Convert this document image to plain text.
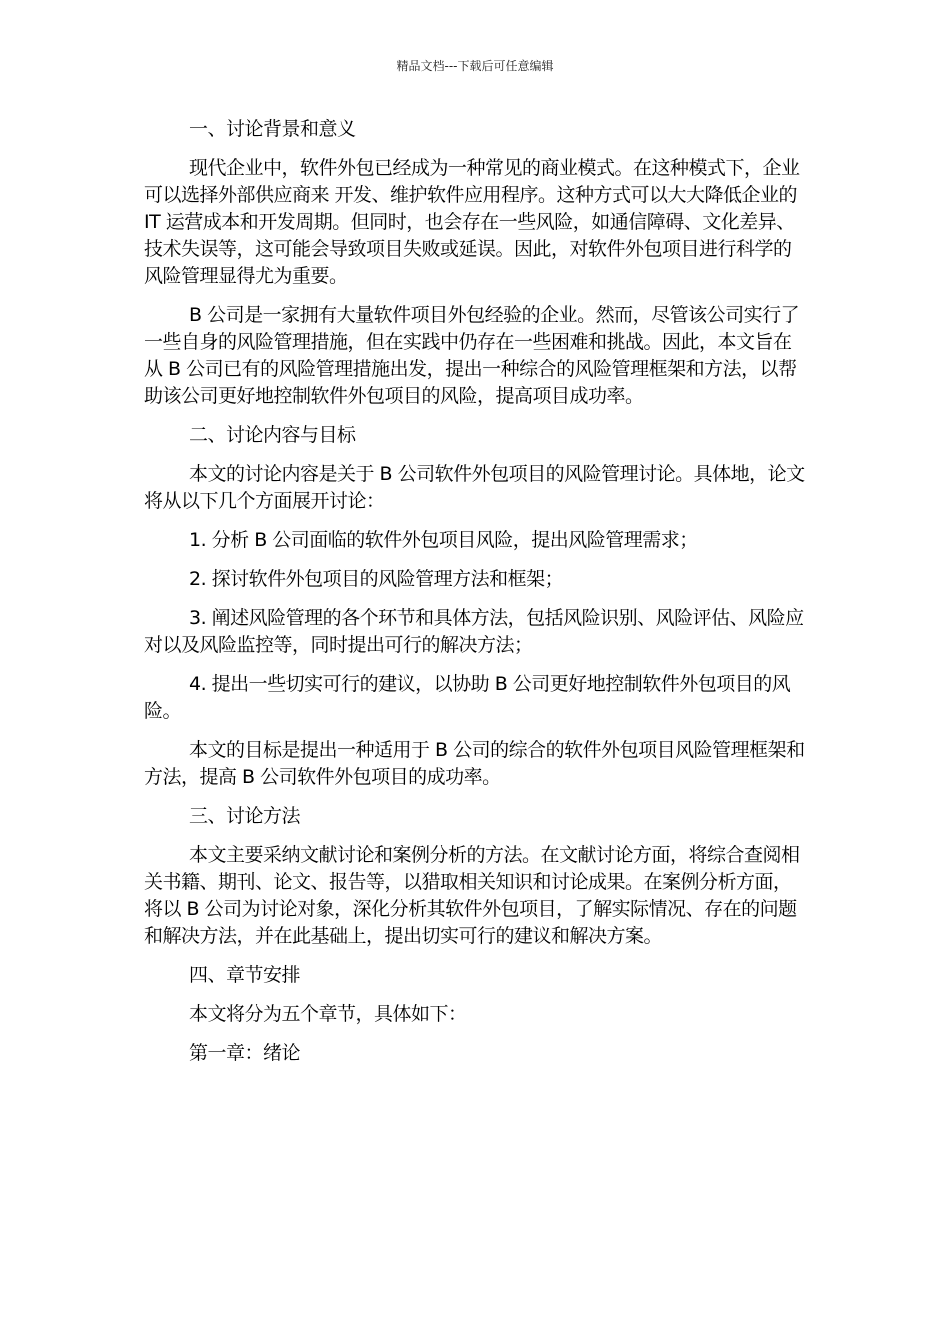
精品文档---下载后可任意编辑

一、讨论背景和意义

现代企业中，软件外包已经成为一种常见的商业模式。在这种模式下，企业可以选择外部供应商来 开发、维护软件应用程序。这种方式可以大大降低企业的 IT 运营成本和开发周期。但同时，也会存在一些风险，如通信障碍、文化差异、技术失误等，这可能会导致项目失败或延误。因此，对软件外包项目进行科学的风险管理显得尤为重要。

B 公司是一家拥有大量软件项目外包经验的企业。然而，尽管该公司实行了一些自身的风险管理措施，但在实践中仍存在一些困难和挑战。因此，本文旨在从 B 公司已有的风险管理措施出发，提出一种综合的风险管理框架和方法，以帮助该公司更好地控制软件外包项目的风险，提高项目成功率。

二、讨论内容与目标

本文的讨论内容是关于 B 公司软件外包项目的风险管理讨论。具体地，论文将从以下几个方面展开讨论：

1. 分析 B 公司面临的软件外包项目风险，提出风险管理需求；

2. 探讨软件外包项目的风险管理方法和框架；

3. 阐述风险管理的各个环节和具体方法，包括风险识别、风险评估、风险应对以及风险监控等，同时提出可行的解决方法；

4. 提出一些切实可行的建议，以协助 B 公司更好地控制软件外包项目的风险。

本文的目标是提出一种适用于 B 公司的综合的软件外包项目风险管理框架和方法，提高 B 公司软件外包项目的成功率。

三、讨论方法

本文主要采纳文献讨论和案例分析的方法。在文献讨论方面，将综合查阅相关书籍、期刊、论文、报告等，以猎取相关知识和讨论成果。在案例分析方面，将以 B 公司为讨论对象，深化分析其软件外包项目，了解实际情况、存在的问题和解决方法，并在此基础上，提出切实可行的建议和解决方案。

四、章节安排

本文将分为五个章节，具体如下：

第一章：绪论
